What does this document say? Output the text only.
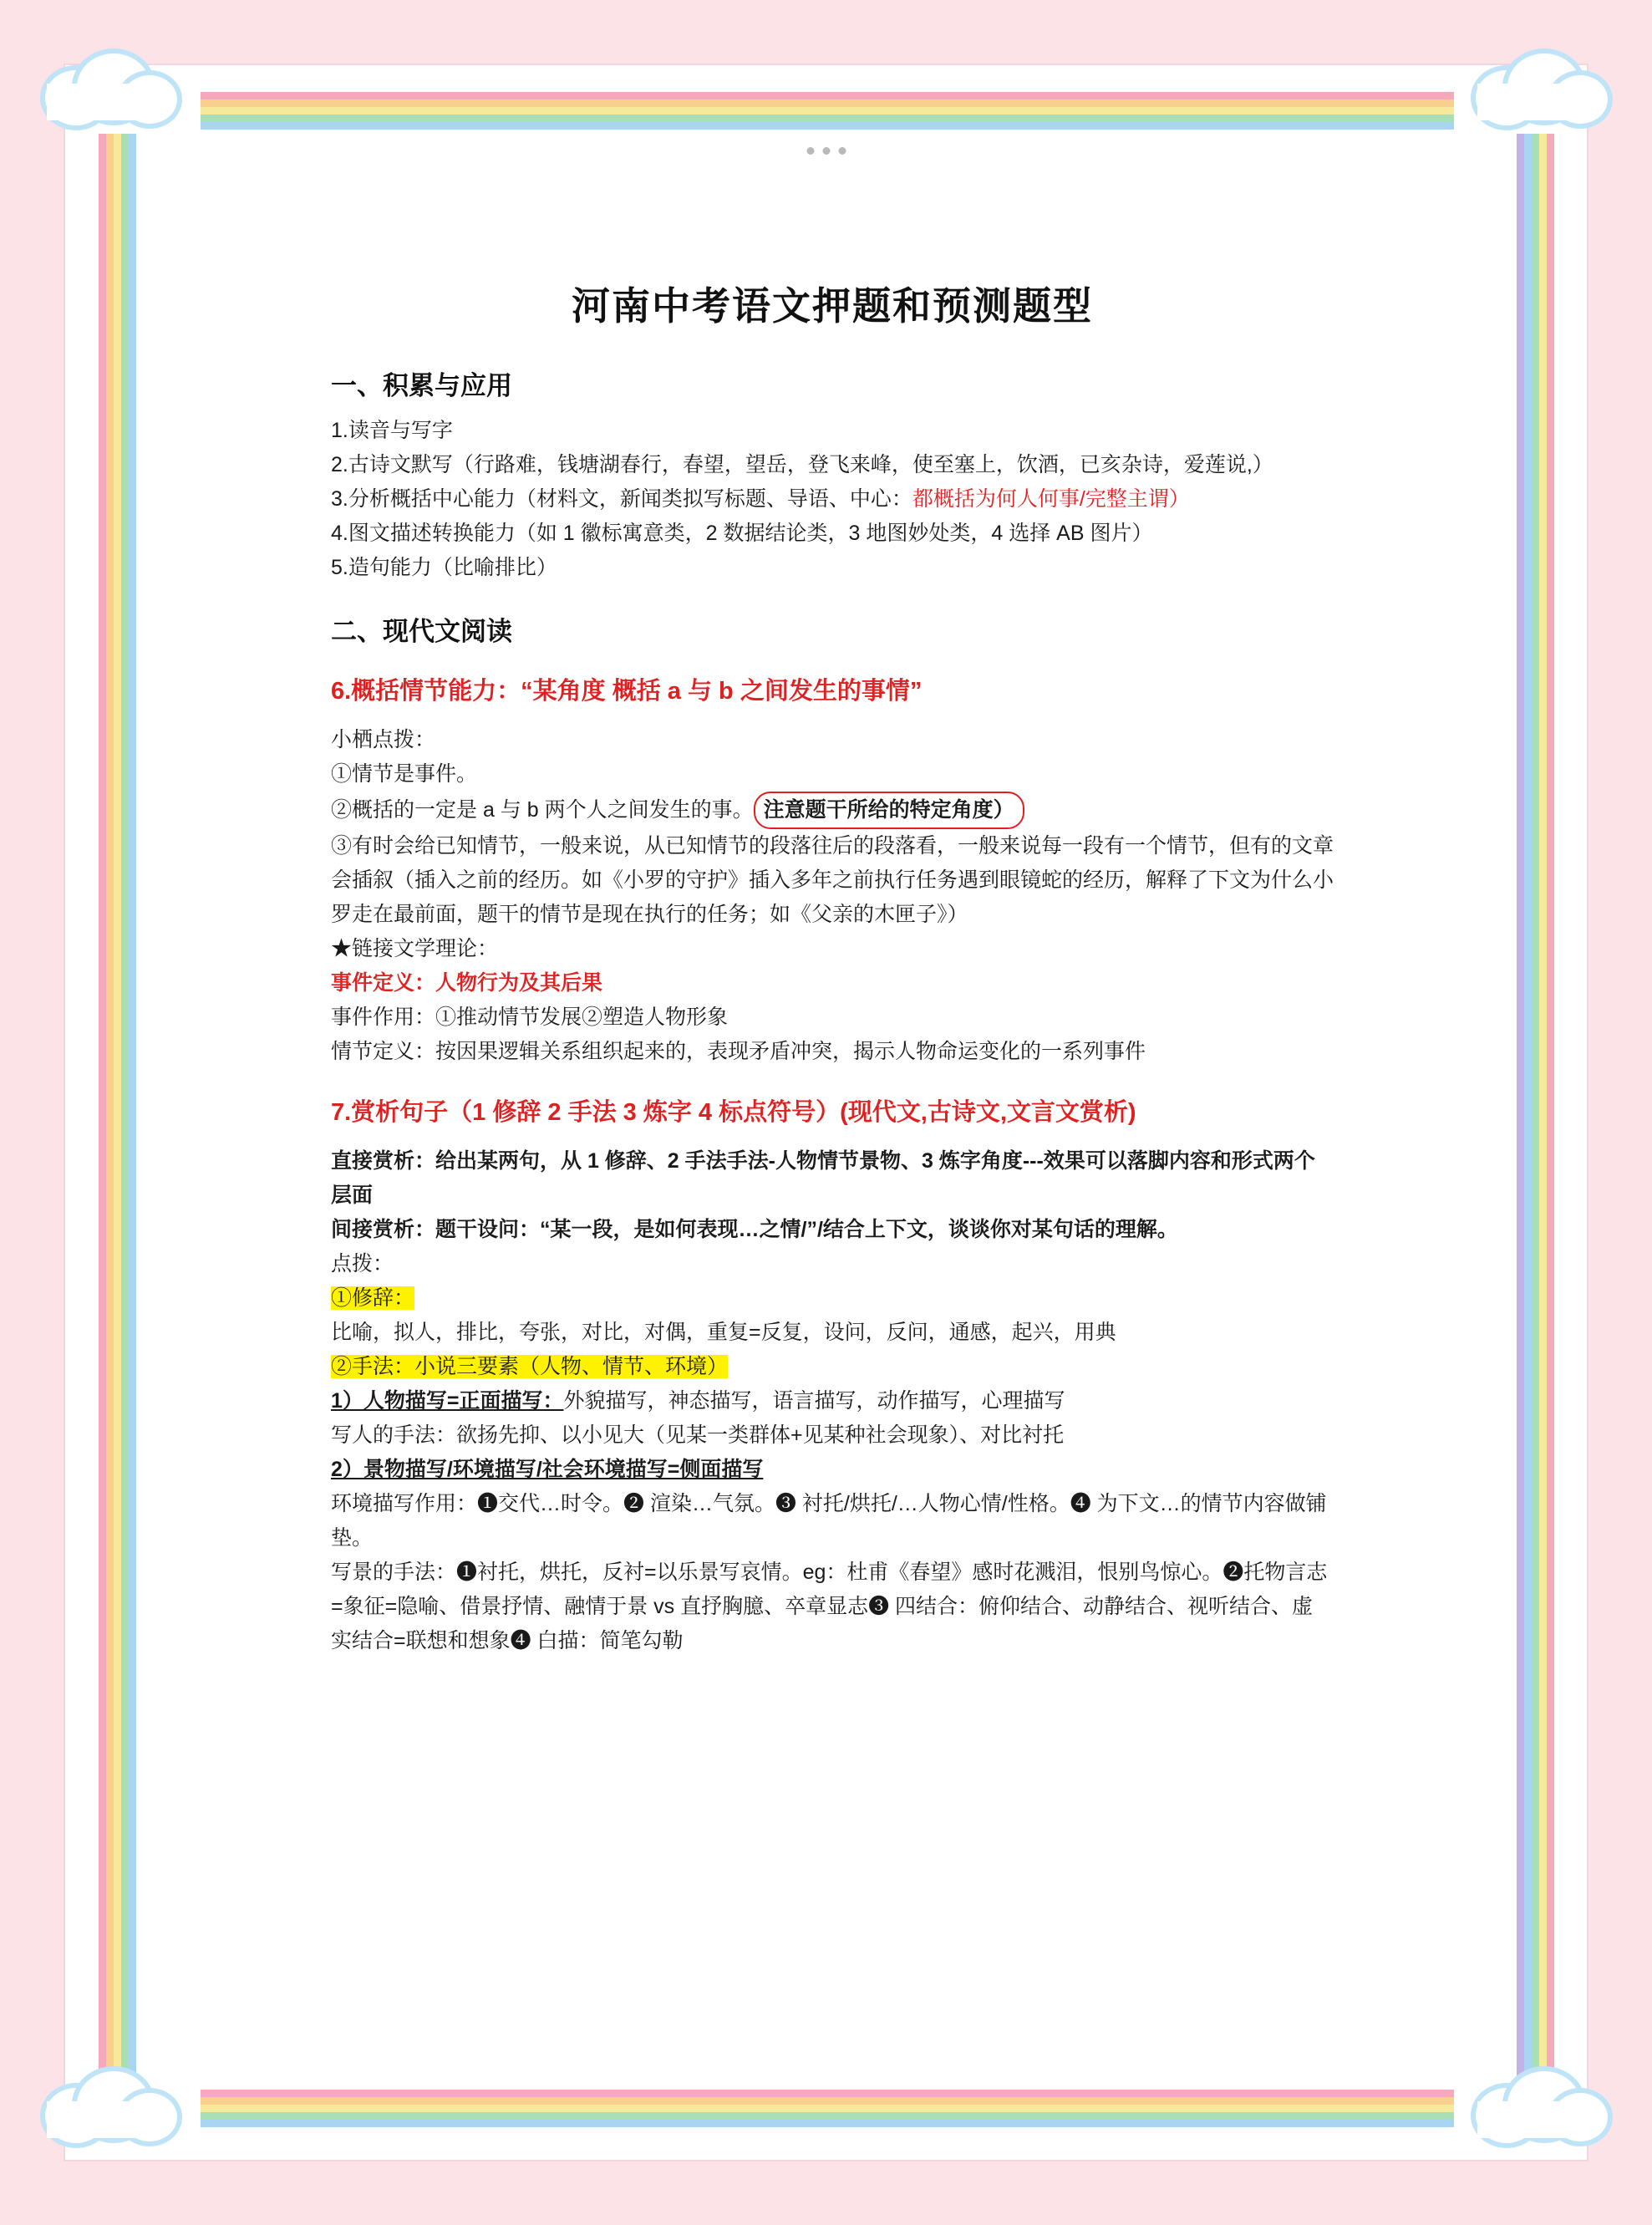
河南中考语文押题和预测题型
一、积累与应用

1.读音与写字

2.古诗文默写（行路难，钱塘湖春行，春望，望岳，登飞来峰，使至塞上，饮酒，已亥杂诗，爱莲说,）

3.分析概括中心能力（材料文，新闻类拟写标题、导语、中心：都概括为何人何事/完整主谓）

4.图文描述转换能力（如 1 徽标寓意类，2 数据结论类，3 地图妙处类，4 选择 AB 图片）

5.造句能力（比喻排比）

二、现代文阅读
6.概括情节能力：“某角度 概括 a 与 b 之间发生的事情”

小栖点拨：

①情节是事件。

②概括的一定是 a 与 b 两个人之间发生的事。 注意题干所给的特定角度）

③有时会给已知情节，一般来说，从已知情节的段落往后的段落看，一般来说每一段有一个情节，但有的文章会插叙（插入之前的经历。如《小罗的守护》插入多年之前执行任务遇到眼镜蛇的经历，解释了下文为什么小罗走在最前面，题干的情节是现在执行的任务；如《父亲的木匣子》）

★链接文学理论：

事件定义：人物行为及其后果

事件作用：①推动情节发展②塑造人物形象

情节定义：按因果逻辑关系组织起来的，表现矛盾冲突，揭示人物命运变化的一系列事件

7.赏析句子（1 修辞 2 手法 3 炼字 4 标点符号）(现代文,古诗文,文言文赏析)

直接赏析：给出某两句，从 1 修辞、2 手法手法-人物情节景物、3 炼字角度---效果可以落脚内容和形式两个层面

间接赏析：题干设问：“某一段，是如何表现…之情/”/结合上下文，谈谈你对某句话的理解。

点拨：

①修辞：

比喻，拟人，排比，夸张，对比，对偶，重复=反复，设问，反问，通感，起兴，用典

②手法：小说三要素（人物、情节、环境）

1）人物描写=正面描写：外貌描写，神态描写，语言描写，动作描写，心理描写

写人的手法：欲扬先抑、以小见大（见某一类群体+见某种社会现象）、对比衬托

2）景物描写/环境描写/社会环境描写=侧面描写

环境描写作用：❶交代…时令。❷ 渲染…气氛。❸ 衬托/烘托/…人物心情/性格。❹ 为下文…的情节内容做铺垫。

写景的手法：❶衬托，烘托，反衬=以乐景写哀情。eg：杜甫《春望》感时花溅泪，恨别鸟惊心。❷托物言志=象征=隐喻、借景抒情、融情于景 vs 直抒胸臆、卒章显志❸ 四结合：俯仰结合、动静结合、视听结合、虚实结合=联想和想象❹ 白描：简笔勾勒
